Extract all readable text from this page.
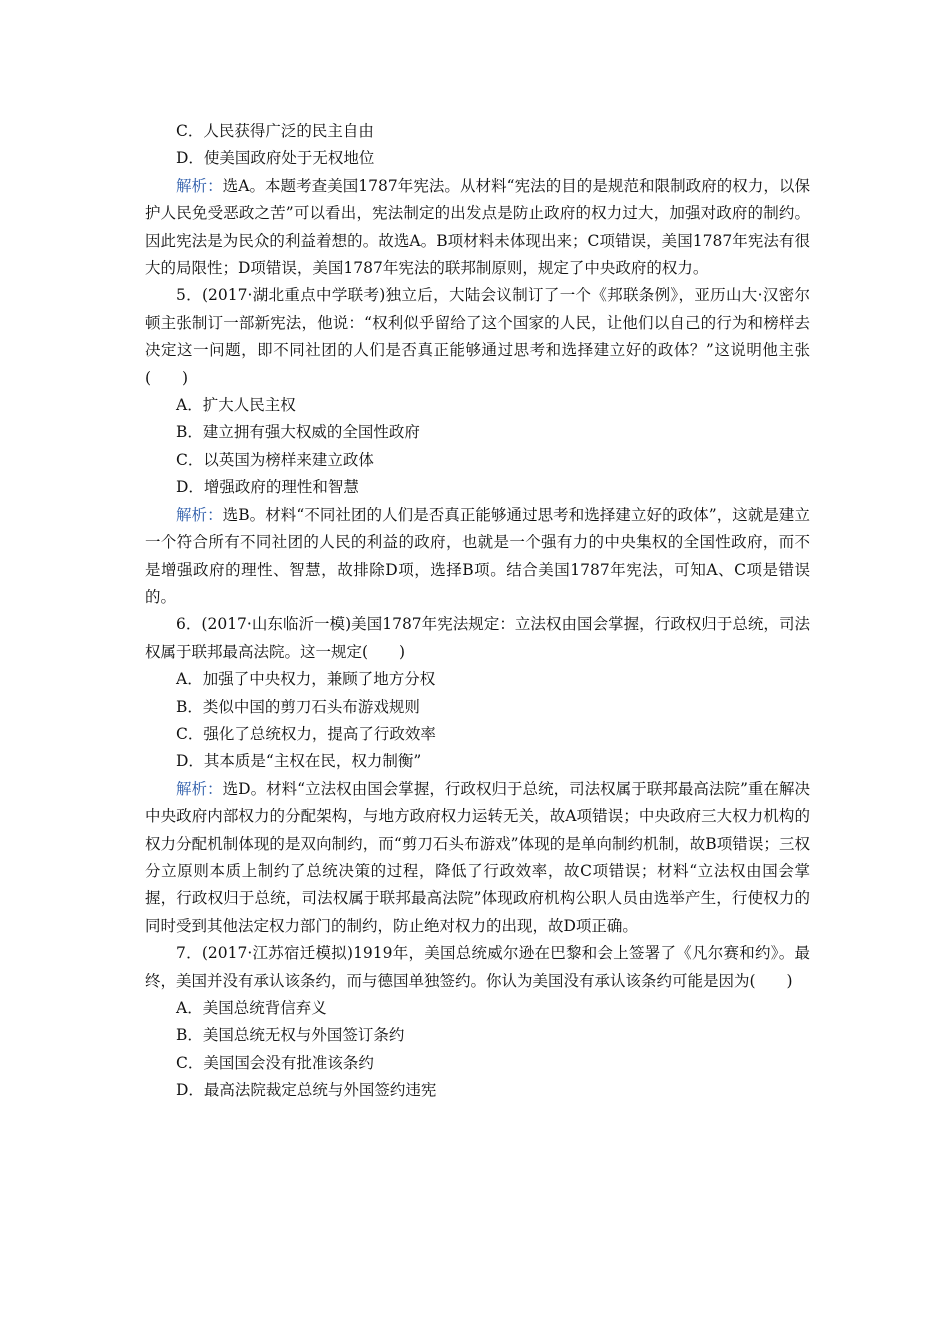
C．人民获得广泛的民主自由
D．使美国政府处于无权地位
解析：选A。本题考查美国1787年宪法。从材料“宪法的目的是规范和限制政府的权力，以保护人民免受恶政之苦”可以看出，宪法制定的出发点是防止政府的权力过大，加强对政府的制约。因此宪法是为民众的利益着想的。故选A。B项材料未体现出来；C项错误，美国1787年宪法有很大的局限性；D项错误，美国1787年宪法的联邦制原则，规定了中央政府的权力。
5．(2017·湖北重点中学联考)独立后，大陆会议制订了一个《邦联条例》，亚历山大·汉密尔顿主张制订一部新宪法，他说：“权利似乎留给了这个国家的人民，让他们以自己的行为和榜样去决定这一问题，即不同社团的人们是否真正能够通过思考和选择建立好的政体？”这说明他主张(　　)
A．扩大人民主权
B．建立拥有强大权威的全国性政府
C．以英国为榜样来建立政体
D．增强政府的理性和智慧
解析：选B。材料“不同社团的人们是否真正能够通过思考和选择建立好的政体”，这就是建立一个符合所有不同社团的人民的利益的政府，也就是一个强有力的中央集权的全国性政府，而不是增强政府的理性、智慧，故排除D项，选择B项。结合美国1787年宪法，可知A、C项是错误的。
6．(2017·山东临沂一模)美国1787年宪法规定：立法权由国会掌握，行政权归于总统，司法权属于联邦最高法院。这一规定(　　)
A．加强了中央权力，兼顾了地方分权
B．类似中国的剪刀石头布游戏规则
C．强化了总统权力，提高了行政效率
D．其本质是“主权在民，权力制衡”
解析：选D。材料“立法权由国会掌握，行政权归于总统，司法权属于联邦最高法院”重在解决中央政府内部权力的分配架构，与地方政府权力运转无关，故A项错误；中央政府三大权力机构的权力分配机制体现的是双向制约，而“剪刀石头布游戏”体现的是单向制约机制，故B项错误；三权分立原则本质上制约了总统决策的过程，降低了行政效率，故C项错误；材料“立法权由国会掌握，行政权归于总统，司法权属于联邦最高法院”体现政府机构公职人员由选举产生，行使权力的同时受到其他法定权力部门的制约，防止绝对权力的出现，故D项正确。
7．(2017·江苏宿迁模拟)1919年，美国总统威尔逊在巴黎和会上签署了《凡尔赛和约》。最终，美国并没有承认该条约，而与德国单独签约。你认为美国没有承认该条约可能是因为(　　)
A．美国总统背信弃义
B．美国总统无权与外国签订条约
C．美国国会没有批准该条约
D．最高法院裁定总统与外国签约违宪
